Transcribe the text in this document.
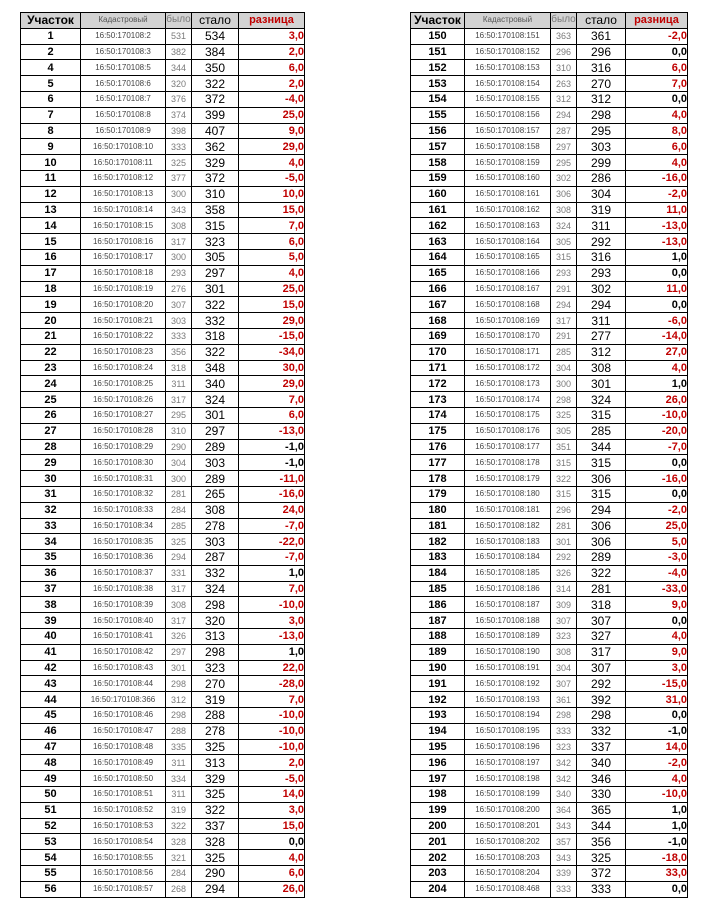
Участок	Кадастровый	было	стало	разница
1	16:50:170108:2	531	534	3,0
2	16:50:170108:3	382	384	2,0
4	16:50:170108:5	344	350	6,0
5	16:50:170108:6	320	322	2,0
6	16:50:170108:7	376	372	-4,0
7	16:50:170108:8	374	399	25,0
8	16:50:170108:9	398	407	9,0
9	16:50:170108:10	333	362	29,0
10	16:50:170108:11	325	329	4,0
11	16:50:170108:12	377	372	-5,0
12	16:50:170108:13	300	310	10,0
13	16:50:170108:14	343	358	15,0
14	16:50:170108:15	308	315	7,0
15	16:50:170108:16	317	323	6,0
16	16:50:170108:17	300	305	5,0
17	16:50:170108:18	293	297	4,0
18	16:50:170108:19	276	301	25,0
19	16:50:170108:20	307	322	15,0
20	16:50:170108:21	303	332	29,0
21	16:50:170108:22	333	318	-15,0
22	16:50:170108:23	356	322	-34,0
23	16:50:170108:24	318	348	30,0
24	16:50:170108:25	311	340	29,0
25	16:50:170108:26	317	324	7,0
26	16:50:170108:27	295	301	6,0
27	16:50:170108:28	310	297	-13,0
28	16:50:170108:29	290	289	-1,0
29	16:50:170108:30	304	303	-1,0
30	16:50:170108:31	300	289	-11,0
31	16:50:170108:32	281	265	-16,0
32	16:50:170108:33	284	308	24,0
33	16:50:170108:34	285	278	-7,0
34	16:50:170108:35	325	303	-22,0
35	16:50:170108:36	294	287	-7,0
36	16:50:170108:37	331	332	1,0
37	16:50:170108:38	317	324	7,0
38	16:50:170108:39	308	298	-10,0
39	16:50:170108:40	317	320	3,0
40	16:50:170108:41	326	313	-13,0
41	16:50:170108:42	297	298	1,0
42	16:50:170108:43	301	323	22,0
43	16:50:170108:44	298	270	-28,0
44	16:50:170108:366	312	319	7,0
45	16:50:170108:46	298	288	-10,0
46	16:50:170108:47	288	278	-10,0
47	16:50:170108:48	335	325	-10,0
48	16:50:170108:49	311	313	2,0
49	16:50:170108:50	334	329	-5,0
50	16:50:170108:51	311	325	14,0
51	16:50:170108:52	319	322	3,0
52	16:50:170108:53	322	337	15,0
53	16:50:170108:54	328	328	0,0
54	16:50:170108:55	321	325	4,0
55	16:50:170108:56	284	290	6,0
56	16:50:170108:57	268	294	26,0
Участок	Кадастровый	было	стало	разница
150	16:50:170108:151	363	361	-2,0
151	16:50:170108:152	296	296	0,0
152	16:50:170108:153	310	316	6,0
153	16:50:170108:154	263	270	7,0
154	16:50:170108:155	312	312	0,0
155	16:50:170108:156	294	298	4,0
156	16:50:170108:157	287	295	8,0
157	16:50:170108:158	297	303	6,0
158	16:50:170108:159	295	299	4,0
159	16:50:170108:160	302	286	-16,0
160	16:50:170108:161	306	304	-2,0
161	16:50:170108:162	308	319	11,0
162	16:50:170108:163	324	311	-13,0
163	16:50:170108:164	305	292	-13,0
164	16:50:170108:165	315	316	1,0
165	16:50:170108:166	293	293	0,0
166	16:50:170108:167	291	302	11,0
167	16:50:170108:168	294	294	0,0
168	16:50:170108:169	317	311	-6,0
169	16:50:170108:170	291	277	-14,0
170	16:50:170108:171	285	312	27,0
171	16:50:170108:172	304	308	4,0
172	16:50:170108:173	300	301	1,0
173	16:50:170108:174	298	324	26,0
174	16:50:170108:175	325	315	-10,0
175	16:50:170108:176	305	285	-20,0
176	16:50:170108:177	351	344	-7,0
177	16:50:170108:178	315	315	0,0
178	16:50:170108:179	322	306	-16,0
179	16:50:170108:180	315	315	0,0
180	16:50:170108:181	296	294	-2,0
181	16:50:170108:182	281	306	25,0
182	16:50:170108:183	301	306	5,0
183	16:50:170108:184	292	289	-3,0
184	16:50:170108:185	326	322	-4,0
185	16:50:170108:186	314	281	-33,0
186	16:50:170108:187	309	318	9,0
187	16:50:170108:188	307	307	0,0
188	16:50:170108:189	323	327	4,0
189	16:50:170108:190	308	317	9,0
190	16:50:170108:191	304	307	3,0
191	16:50:170108:192	307	292	-15,0
192	16:50:170108:193	361	392	31,0
193	16:50:170108:194	298	298	0,0
194	16:50:170108:195	333	332	-1,0
195	16:50:170108:196	323	337	14,0
196	16:50:170108:197	342	340	-2,0
197	16:50:170108:198	342	346	4,0
198	16:50:170108:199	340	330	-10,0
199	16:50:170108:200	364	365	1,0
200	16:50:170108:201	343	344	1,0
201	16:50:170108:202	357	356	-1,0
202	16:50:170108:203	343	325	-18,0
203	16:50:170108:204	339	372	33,0
204	16:50:170108:468	333	333	0,0
